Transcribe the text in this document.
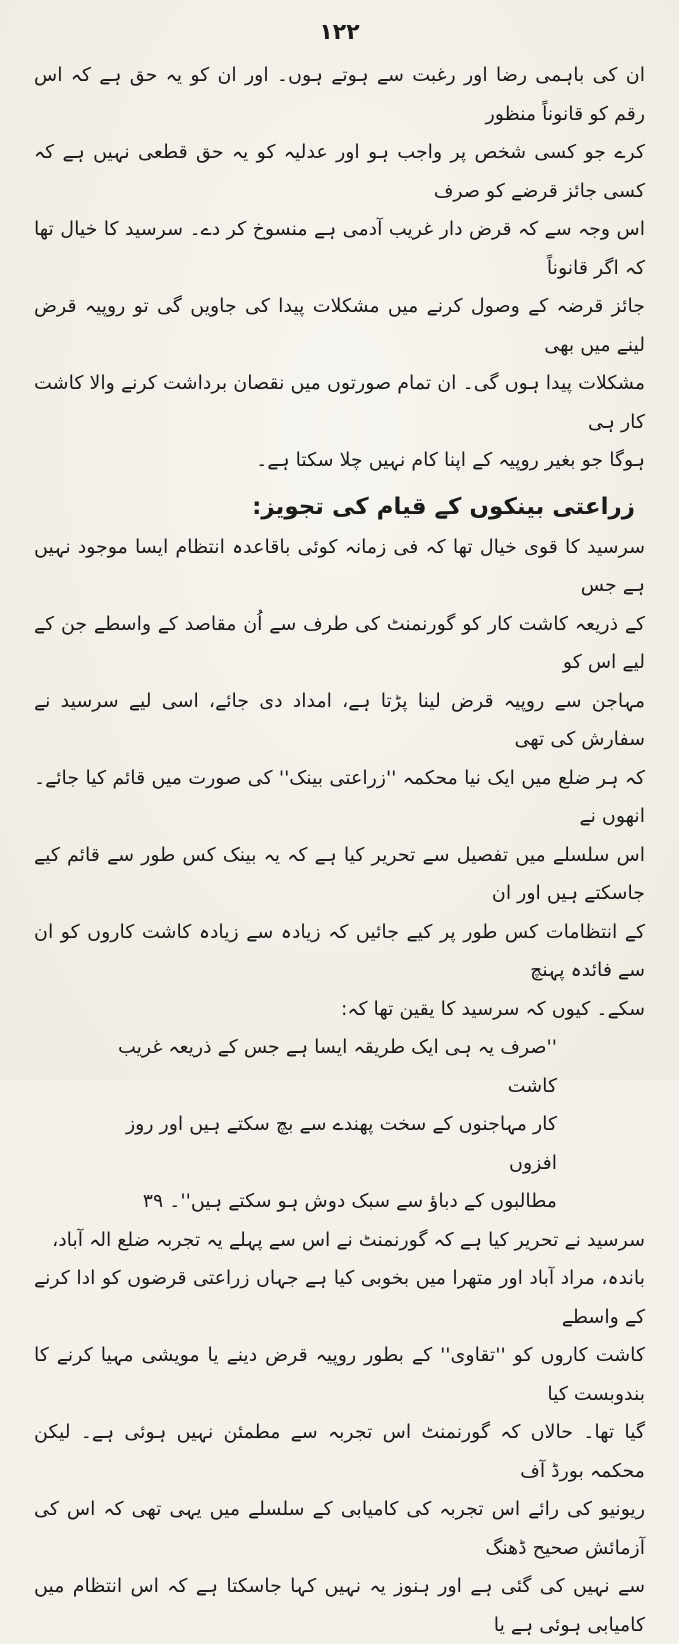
۱۲۲
ان کی باہمی رضا اور رغبت سے ہوتے ہوں۔ اور ان کو یہ حق ہے کہ اس رقم کو قانوناً منظور
کرے جو کسی شخص پر واجب ہو اور عدلیہ کو یہ حق قطعی نہیں ہے کہ کسی جائز قرضے کو صرف
اس وجہ سے کہ قرض دار غریب آدمی ہے منسوخ کر دے۔ سرسید کا خیال تھا کہ اگر قانوناً
جائز قرضہ کے وصول کرنے میں مشکلات پیدا کی جاویں گی تو روپیہ قرض لینے میں بھی
مشکلات پیدا ہوں گی۔ ان تمام صورتوں میں نقصان برداشت کرنے والا کاشت کار ہی
ہوگا جو بغیر روپیہ کے اپنا کام نہیں چلا سکتا ہے۔
زراعتی بینکوں کے قیام کی تجویز:
سرسید کا قوی خیال تھا کہ فی زمانہ کوئی باقاعدہ انتظام ایسا موجود نہیں ہے جس
کے ذریعہ کاشت کار کو گورنمنٹ کی طرف سے اُن مقاصد کے واسطے جن کے لیے اس کو
مہاجن سے روپیہ قرض لینا پڑتا ہے، امداد دی جائے، اسی لیے سرسید نے سفارش کی تھی
کہ ہر ضلع میں ایک نیا محکمہ ''زراعتی بینک'' کی صورت میں قائم کیا جائے۔ انھوں نے
اس سلسلے میں تفصیل سے تحریر کیا ہے کہ یہ بینک کس طور سے قائم کیے جاسکتے ہیں اور ان
کے انتظامات کس طور پر کیے جائیں کہ زیادہ سے زیادہ کاشت کاروں کو ان سے فائدہ پہنچ
سکے۔ کیوں کہ سرسید کا یقین تھا کہ:
''صرف یہ ہی ایک طریقہ ایسا ہے جس کے ذریعہ غریب کاشت
کار مہاجنوں کے سخت پھندے سے بچ سکتے ہیں اور روز افزوں
مطالبوں کے دباؤ سے سبک دوش ہو سکتے ہیں''۔ ۳۹
سرسید نے تحریر کیا ہے کہ گورنمنٹ نے اس سے پہلے یہ تجربہ ضلع الہ آباد،
باندہ، مراد آباد اور متھرا میں بخوبی کیا ہے جہاں زراعتی قرضوں کو ادا کرنے کے واسطے
کاشت کاروں کو ''تقاوی'' کے بطور روپیہ قرض دینے یا مویشی مہیا کرنے کا بندوبست کیا
گیا تھا۔ حالاں کہ گورنمنٹ اس تجربہ سے مطمئن نہیں ہوئی ہے۔ لیکن محکمہ بورڈ آف
ریونیو کی رائے اس تجربہ کی کامیابی کے سلسلے میں یہی تھی کہ اس کی آزمائش صحیح ڈھنگ
سے نہیں کی گئی ہے اور ہنوز یہ نہیں کہا جاسکتا ہے کہ اس انتظام میں کامیابی ہوئی ہے یا
